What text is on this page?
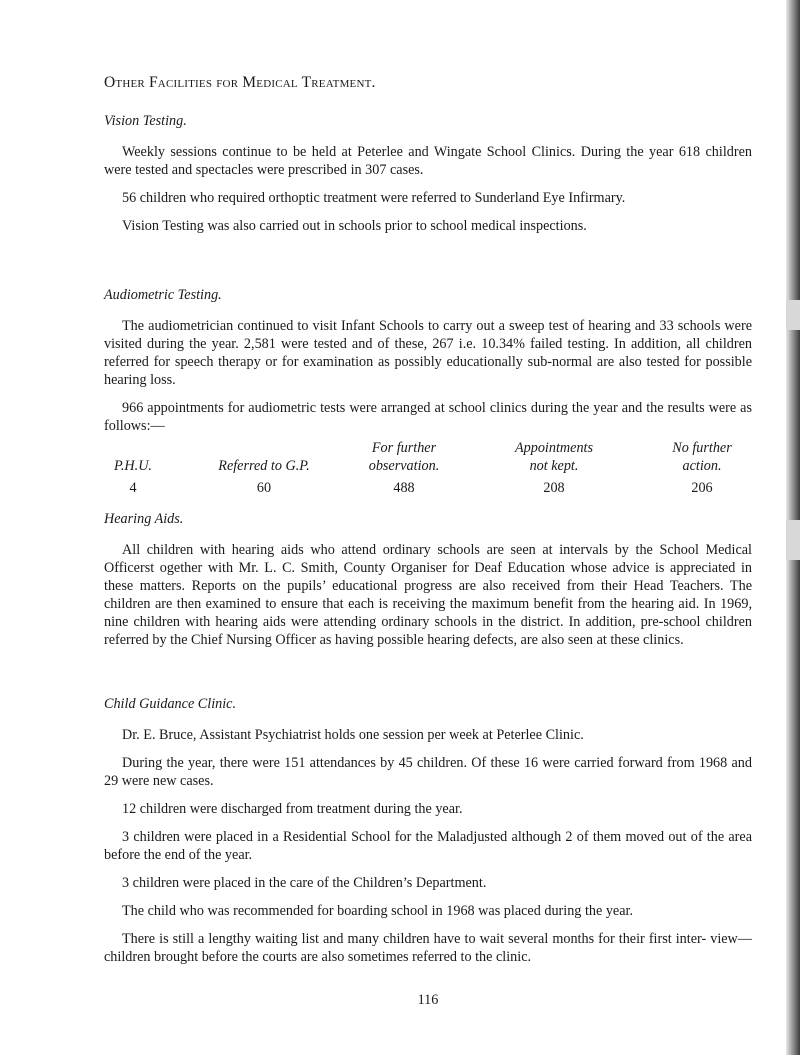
Other Facilities for Medical Treatment.
Vision Testing.

Weekly sessions continue to be held at Peterlee and Wingate School Clinics. During the year 618 children were tested and spectacles were prescribed in 307 cases.

56 children who required orthoptic treatment were referred to Sunderland Eye Infirmary.

Vision Testing was also carried out in schools prior to school medical inspections.

Audiometric Testing.

The audiometrician continued to visit Infant Schools to carry out a sweep test of hearing and 33 schools were visited during the year. 2,581 were tested and of these, 267 i.e. 10.34% failed testing. In addition, all children referred for speech therapy or for examination as possibly educationally sub-normal are also tested for possible hearing loss.

966 appointments for audiometric tests were arranged at school clinics during the year and the results were as follows:—

P.H.U.
4
Referred to G.P.
60
For further
observation.
488
Appointments
not kept.
208
No further
action.
206
Hearing Aids.

All children with hearing aids who attend ordinary schools are seen at intervals by the School Medical Officerst ogether with Mr. L. C. Smith, County Organiser for Deaf Education whose advice is appreciated in these matters. Reports on the pupils’ educational progress are also received from their Head Teachers. The children are then examined to ensure that each is receiving the maximum benefit from the hearing aid. In 1969, nine children with hearing aids were attending ordinary schools in the district. In addition, pre-school children referred by the Chief Nursing Officer as having possible hearing defects, are also seen at these clinics.

Child Guidance Clinic.

Dr. E. Bruce, Assistant Psychiatrist holds one session per week at Peterlee Clinic.

During the year, there were 151 attendances by 45 children. Of these 16 were carried forward from 1968 and 29 were new cases.

12 children were discharged from treatment during the year.

3 children were placed in a Residential School for the Maladjusted although 2 of them moved out of the area before the end of the year.

3 children were placed in the care of the Children’s Department.

The child who was recommended for boarding school in 1968 was placed during the year.

There is still a lengthy waiting list and many children have to wait several months for their first inter- view—children brought before the courts are also sometimes referred to the clinic.

116
